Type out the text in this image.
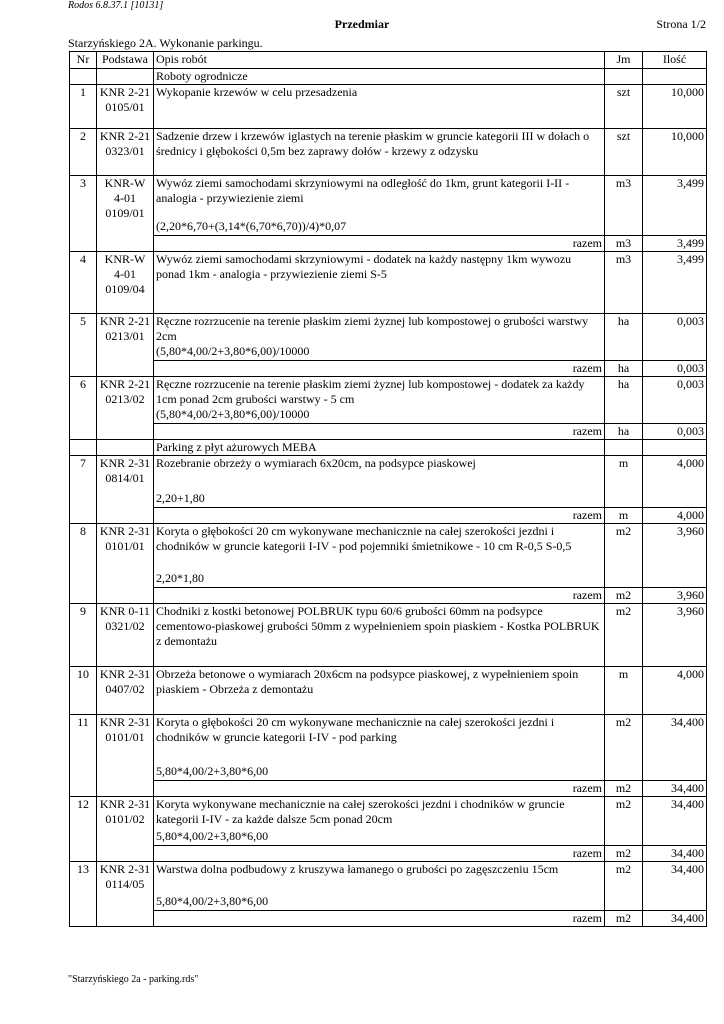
Rodos 6.8.37.1 [10131]
Przedmiar	Strona 1/2
Starzyńskiego 2A. Wykonanie parkingu.
Nr	Podstawa	Opis robót	Jm	Ilość
		Roboty ogrodnicze		
1	KNR 2-21 0105/01	Wykopanie krzewów w celu przesadzenia	szt	10,000
2	KNR 2-21 0323/01	Sadzenie drzew i krzewów iglastych na terenie płaskim w gruncie kategorii III w dołach o średnicy i głębokości 0,5m bez zaprawy dołów - krzewy z odzysku	szt	10,000
3	KNR-W 4-01 0109/01	Wywóz ziemi samochodami skrzyniowymi na odległość do 1km, grunt kategorii I-II - analogia - przywiezienie ziemi
(2,20*6,70+(3,14*(6,70*6,70))/4)*0,07	m3	3,499
		razem	m3	3,499
4	KNR-W 4-01 0109/04	Wywóz ziemi samochodami skrzyniowymi - dodatek na każdy następny 1km wywozu ponad 1km - analogia - przywiezienie ziemi S-5	m3	3,499
5	KNR 2-21 0213/01	Ręczne rozrzucenie na terenie płaskim ziemi żyznej lub kompostowej o grubości warstwy 2cm
(5,80*4,00/2+3,80*6,00)/10000	ha	0,003
		razem	ha	0,003
6	KNR 2-21 0213/02	Ręczne rozrzucenie na terenie płaskim ziemi żyznej lub kompostowej - dodatek za każdy 1cm ponad 2cm grubości warstwy - 5 cm
(5,80*4,00/2+3,80*6,00)/10000	ha	0,003
		razem	ha	0,003
		Parking z płyt ażurowych MEBA		
7	KNR 2-31 0814/01	Rozebranie obrzeży o wymiarach 6x20cm, na podsypce piaskowej
2,20+1,80	m	4,000
		razem	m	4,000
8	KNR 2-31 0101/01	Koryta o głębokości 20 cm wykonywane mechanicznie na całej szerokości jezdni i chodników w gruncie kategorii I-IV - pod pojemniki śmietnikowe - 10 cm R-0,5 S-0,5
2,20*1,80	m2	3,960
		razem	m2	3,960
9	KNR 0-11 0321/02	Chodniki z kostki betonowej POLBRUK typu 60/6 grubości 60mm na podsypce cementowo-piaskowej grubości 50mm z wypełnieniem spoin piaskiem - Kostka POLBRUK z demontażu	m2	3,960
10	KNR 2-31 0407/02	Obrzeża betonowe o wymiarach 20x6cm na podsypce piaskowej, z wypełnieniem spoin piaskiem - Obrzeża z demontażu	m	4,000
11	KNR 2-31 0101/01	Koryta o głębokości 20 cm wykonywane mechanicznie na całej szerokości jezdni i chodników w gruncie kategorii I-IV - pod parking
5,80*4,00/2+3,80*6,00	m2	34,400
		razem	m2	34,400
12	KNR 2-31 0101/02	Koryta wykonywane mechanicznie na całej szerokości jezdni i chodników w gruncie kategorii I-IV - za każde dalsze 5cm ponad 20cm
5,80*4,00/2+3,80*6,00	m2	34,400
		razem	m2	34,400
13	KNR 2-31 0114/05	Warstwa dolna podbudowy z kruszywa łamanego o grubości po zagęszczeniu 15cm
5,80*4,00/2+3,80*6,00	m2	34,400
		razem	m2	34,400
"Starzyńskiego 2a - parking.rds"
